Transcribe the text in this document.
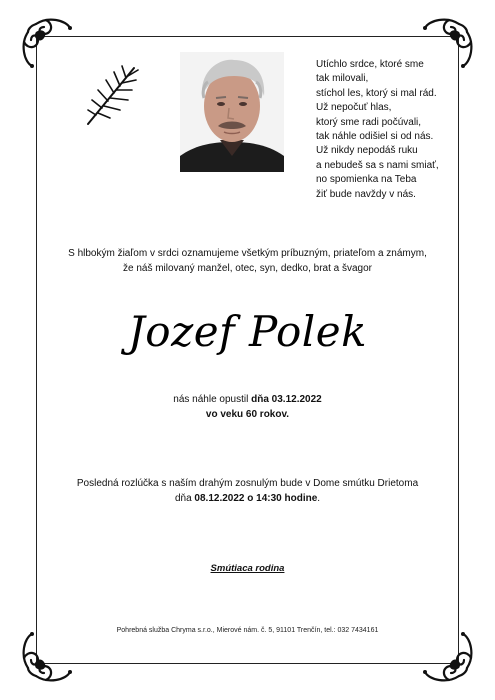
Utíchlo srdce, ktoré sme
tak milovali,
stíchol les, ktorý si mal rád.
Už nepočuť hlas,
ktorý sme radi počúvali,
tak náhle odišiel si od nás.
Už nikdy nepodáš ruku
a nebudeš sa s nami smiať,
no spomienka na Teba
žiť bude navždy v nás.
S hlbokým žiaľom v srdci oznamujeme všetkým príbuzným, priateľom a známym,
že náš milovaný manžel, otec, syn, dedko, brat a švagor
Jozef Polek
nás náhle opustil dňa 03.12.2022
vo veku 60 rokov.
Posledná rozlúčka s naším drahým zosnulým bude v Dome smútku Drietoma
dňa 08.12.2022 o 14:30 hodine.
Smútiaca rodina
Pohrebná služba Chryma s.r.o., Mierové nám. č. 5, 91101 Trenčín, tel.: 032 7434161
